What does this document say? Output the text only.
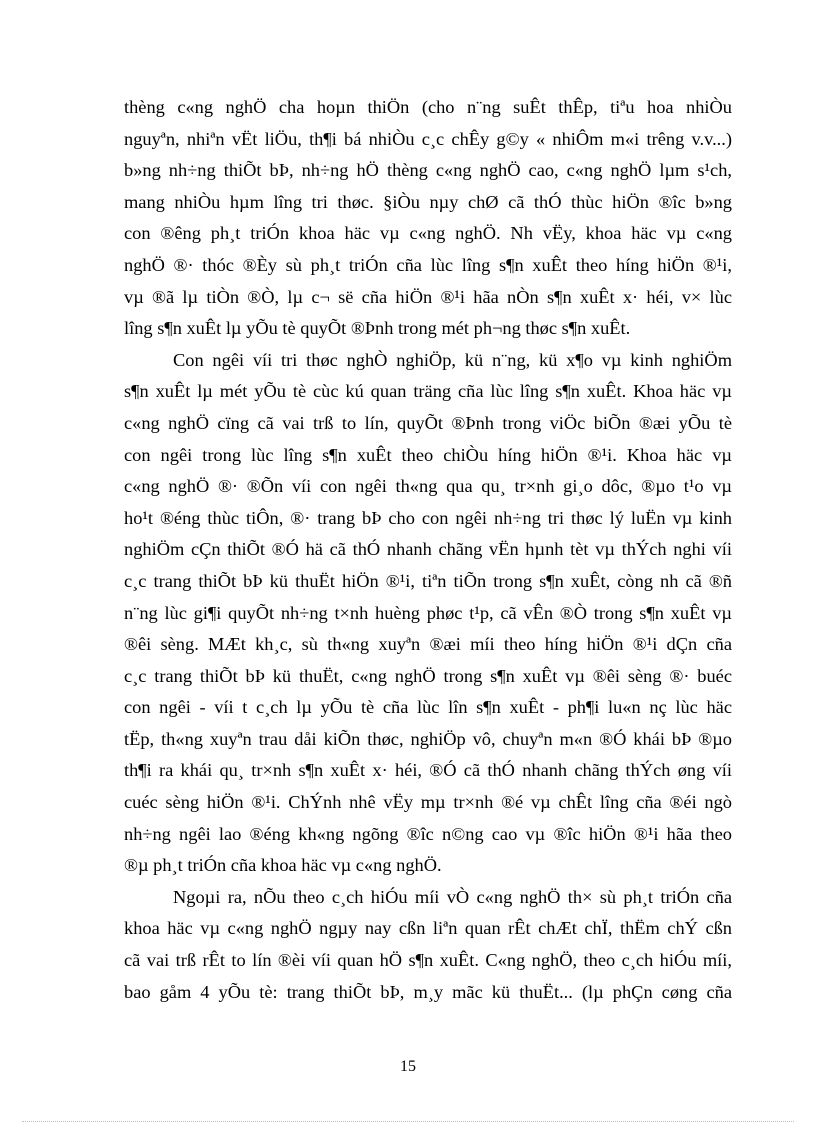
thèng c«ng nghÖ cha hoµn thiÖn (cho n¨ng suÊt thÊp, tiªu hoa nhiÒu
nguyªn, nhiªn vËt liÖu, th¶i bá nhiÒu c¸c chÊy g©y « nhiÔm m«i trêng v.v...)
b»ng nh÷ng thiÕt bÞ, nh÷ng hÖ thèng c«ng nghÖ cao, c«ng nghÖ lµm s¹ch,
mang nhiÒu hµm lîng tri thøc. §iÒu nµy chØ cã thÓ thùc hiÖn ®îc b»ng
con ®êng ph¸t triÓn khoa häc vµ c«ng nghÖ. Nh vËy, khoa häc vµ c«ng
nghÖ ®· thóc ®Èy sù ph¸t triÓn cña lùc lîng s¶n xuÊt theo híng hiÖn ®¹i,
vµ ®ã lµ tiÒn ®Ò, lµ c¬ së cña hiÖn ®¹i hãa nÒn s¶n xuÊt x· héi, v× lùc
lîng s¶n xuÊt lµ yÕu tè quyÕt ®Þnh trong mét ph¬ng thøc s¶n xuÊt.
Con ngêi víi tri thøc nghÒ nghiÖp, kü n¨ng, kü x¶o vµ kinh nghiÖm
s¶n xuÊt lµ mét yÕu tè cùc kú quan träng cña lùc lîng s¶n xuÊt. Khoa häc vµ
c«ng nghÖ cïng cã vai trß to lín, quyÕt ®Þnh trong viÖc biÕn ®æi yÕu tè
con ngêi trong lùc lîng s¶n xuÊt theo chiÒu híng hiÖn ®¹i. Khoa häc vµ
c«ng nghÖ ®· ®Õn víi con ngêi th«ng qua qu¸ tr×nh gi¸o dôc, ®µo t¹o vµ
ho¹t ®éng thùc tiÔn, ®· trang bÞ cho con ngêi nh÷ng tri thøc lý luËn vµ kinh
nghiÖm cÇn thiÕt ®Ó hä cã thÓ nhanh chãng vËn hµnh tèt vµ thÝch nghi víi
c¸c trang thiÕt bÞ kü thuËt hiÖn ®¹i, tiªn tiÕn trong s¶n xuÊt, còng nh cã ®ñ
n¨ng lùc gi¶i quyÕt nh÷ng t×nh huèng phøc t¹p, cã vÊn ®Ò trong s¶n xuÊt vµ
®êi sèng. MÆt kh¸c, sù th«ng xuyªn ®æi míi theo híng hiÖn ®¹i dÇn cña
c¸c trang thiÕt bÞ kü thuËt, c«ng nghÖ trong s¶n xuÊt vµ ®êi sèng ®· buéc
con ngêi - víi t c¸ch lµ yÕu tè cña lùc lîn s¶n xuÊt - ph¶i lu«n nç lùc häc
tËp, th«ng xuyªn trau dåi kiÕn thøc, nghiÖp vô, chuyªn m«n ®Ó khái bÞ ®µo
th¶i ra khái qu¸ tr×nh s¶n xuÊt x· héi, ®Ó cã thÓ nhanh chãng thÝch øng víi
cuéc sèng hiÖn ®¹i. ChÝnh nhê vËy mµ tr×nh ®é vµ chÊt lîng cña ®éi ngò
nh÷ng ngêi lao ®éng kh«ng ngõng ®îc n©ng cao vµ ®îc hiÖn ®¹i hãa theo
®µ ph¸t triÓn cña khoa häc vµ c«ng nghÖ.
Ngoµi ra, nÕu theo c¸ch hiÓu míi vÒ c«ng nghÖ th× sù ph¸t triÓn cña
khoa häc vµ c«ng nghÖ ngµy nay cßn liªn quan rÊt chÆt chÏ, thËm chÝ cßn
cã vai trß rÊt to lín ®èi víi quan hÖ s¶n xuÊt. C«ng nghÖ, theo c¸ch hiÓu míi,
bao gåm 4 yÕu tè: trang thiÕt bÞ, m¸y mãc kü thuËt... (lµ phÇn cøng cña
15
